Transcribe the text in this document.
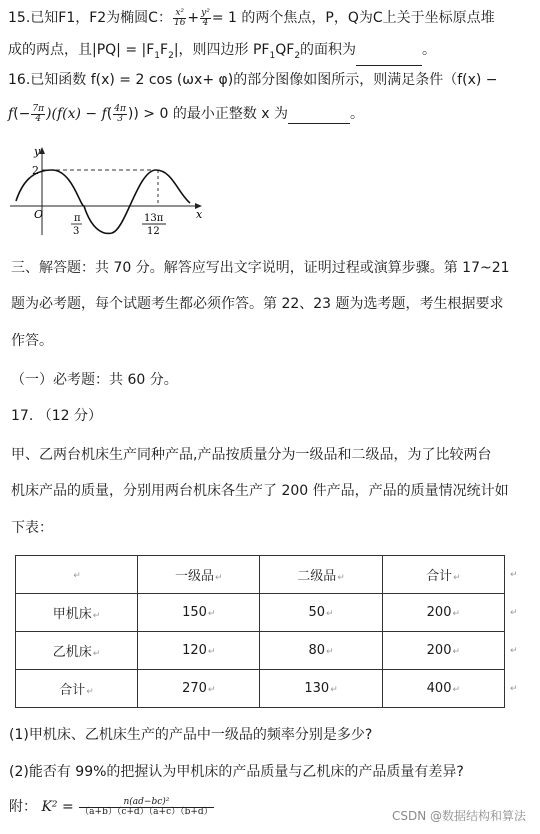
15.已知F1，F2为椭圆C： $\frac{\text{x²}}{16} + \frac{\text{y²}}{4} = 1$ 的两个焦点，P，Q为C上关于坐标原点堆
成的两点，且$|PQ| = |F_1F_2|$，则四边形 $PF_1QF_2$的面积为	。
16.已知函数 f(x) = 2 cos (ωx+ φ)的部分图像如图所示，则满足条件（f(x) −
$f(- \frac{7\pi}{4} )(f(x) - f( \frac{4\pi}{3}$ )) > 0 的最小正整数 x 为	。
y
2
O	x
π
3
13π
12
三、解答题：共 70 分。解答应写出文字说明，证明过程或演算步骤。第 17~21
题为必考题，每个试题考生都必须作答。第 22、23 题为选考题，考生根据要求
作答。
（一）必考题：共 60 分。
17. （12 分）
甲、乙两台机床生产同种产品,产品按质量分为一级品和二级品，为了比较两台
机床产品的质量，分别用两台机床各生产了 200 件产品，产品的质量情况统计如
下表：
↵	一级品↵	二级品↵	合计↵
甲机床↵	150↵	50↵	200↵
乙机床↵	120↵	80↵	200↵
合计↵	270↵	130↵	400↵
↵
↵
↵
↵
(1)甲机床、乙机床生产的产品中一级品的频率分别是多少?
(2)能否有 99%的把握认为甲机床的产品质量与乙机床的产品质量有差异?
附： $K^2 = \frac{\text{n(ad−bc)²}}{(a+b)(c+d)(a+c)(b+d)}$	CSDN @数据结构和算法
